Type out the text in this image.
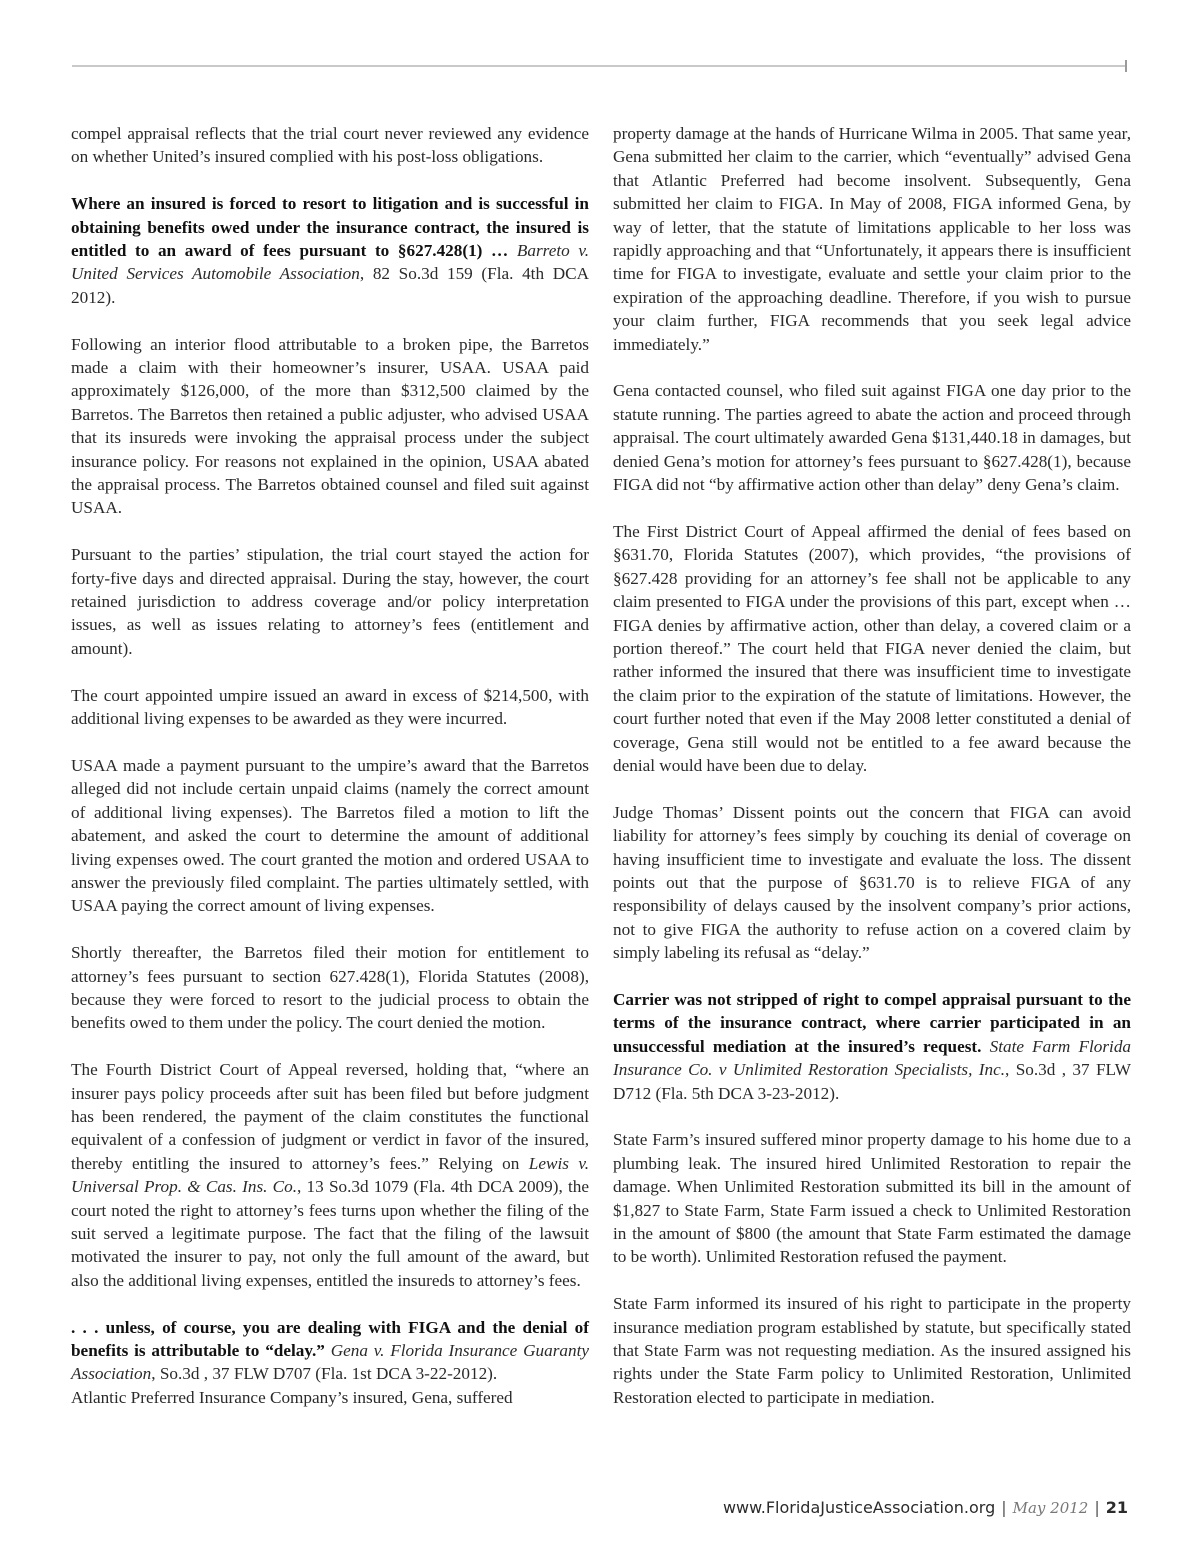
compel appraisal reflects that the trial court never reviewed any evidence on whether United’s insured complied with his post-loss obligations.

Where an insured is forced to resort to litigation and is successful in obtaining benefits owed under the insurance contract, the insured is entitled to an award of fees pursuant to §627.428(1) … Barreto v. United Services Automobile Association, 82 So.3d 159 (Fla. 4th DCA 2012).

Following an interior flood attributable to a broken pipe, the Barretos made a claim with their homeowner’s insurer, USAA. USAA paid approximately $126,000, of the more than $312,500 claimed by the Barretos. The Barretos then retained a public adjuster, who advised USAA that its insureds were invoking the appraisal process under the subject insurance policy. For reasons not explained in the opinion, USAA abated the appraisal process. The Barretos obtained counsel and filed suit against USAA.

Pursuant to the parties’ stipulation, the trial court stayed the action for forty-five days and directed appraisal. During the stay, however, the court retained jurisdiction to address coverage and/or policy interpretation issues, as well as issues relating to attorney’s fees (entitlement and amount).

The court appointed umpire issued an award in excess of $214,500, with additional living expenses to be awarded as they were incurred.

USAA made a payment pursuant to the umpire’s award that the Barretos alleged did not include certain unpaid claims (namely the correct amount of additional living expenses). The Barretos filed a motion to lift the abatement, and asked the court to determine the amount of additional living expenses owed. The court granted the motion and ordered USAA to answer the previously filed complaint. The parties ultimately settled, with USAA paying the correct amount of living expenses.

Shortly thereafter, the Barretos filed their motion for entitlement to attorney’s fees pursuant to section 627.428(1), Florida Statutes (2008), because they were forced to resort to the judicial process to obtain the benefits owed to them under the policy. The court denied the motion.

The Fourth District Court of Appeal reversed, holding that, “where an insurer pays policy proceeds after suit has been filed but before judgment has been rendered, the payment of the claim constitutes the functional equivalent of a confession of judgment or verdict in favor of the insured, thereby entitling the insured to attorney’s fees.” Relying on Lewis v. Universal Prop. & Cas. Ins. Co., 13 So.3d 1079 (Fla. 4th DCA 2009), the court noted the right to attorney’s fees turns upon whether the filing of the suit served a legitimate purpose. The fact that the filing of the lawsuit motivated the insurer to pay, not only the full amount of the award, but also the additional living expenses, entitled the insureds to attorney’s fees.

. . . unless, of course, you are dealing with FIGA and the denial of benefits is attributable to “delay.” Gena v. Florida Insurance Guaranty Association, So.3d , 37 FLW D707 (Fla. 1st DCA 3-22-2012).

Atlantic Preferred Insurance Company’s insured, Gena, suffered

property damage at the hands of Hurricane Wilma in 2005. That same year, Gena submitted her claim to the carrier, which “eventually” advised Gena that Atlantic Preferred had become insolvent. Subsequently, Gena submitted her claim to FIGA. In May of 2008, FIGA informed Gena, by way of letter, that the statute of limitations applicable to her loss was rapidly approaching and that “Unfortunately, it appears there is insufficient time for FIGA to investigate, evaluate and settle your claim prior to the expiration of the approaching deadline. Therefore, if you wish to pursue your claim further, FIGA recommends that you seek legal advice immediately.”

Gena contacted counsel, who filed suit against FIGA one day prior to the statute running. The parties agreed to abate the action and proceed through appraisal. The court ultimately awarded Gena $131,440.18 in damages, but denied Gena’s motion for attorney’s fees pursuant to §627.428(1), because FIGA did not “by affirmative action other than delay” deny Gena’s claim.

The First District Court of Appeal affirmed the denial of fees based on §631.70, Florida Statutes (2007), which provides, “the provisions of §627.428 providing for an attorney’s fee shall not be applicable to any claim presented to FIGA under the provisions of this part, except when … FIGA denies by affirmative action, other than delay, a covered claim or a portion thereof.” The court held that FIGA never denied the claim, but rather informed the insured that there was insufficient time to investigate the claim prior to the expiration of the statute of limitations. However, the court further noted that even if the May 2008 letter constituted a denial of coverage, Gena still would not be entitled to a fee award because the denial would have been due to delay.

Judge Thomas’ Dissent points out the concern that FIGA can avoid liability for attorney’s fees simply by couching its denial of coverage on having insufficient time to investigate and evaluate the loss. The dissent points out that the purpose of §631.70 is to relieve FIGA of any responsibility of delays caused by the insolvent company’s prior actions, not to give FIGA the authority to refuse action on a covered claim by simply labeling its refusal as “delay.”

Carrier was not stripped of right to compel appraisal pursuant to the terms of the insurance contract, where carrier participated in an unsuccessful mediation at the insured’s request. State Farm Florida Insurance Co. v Unlimited Restoration Specialists, Inc., So.3d , 37 FLW D712 (Fla. 5th DCA 3-23-2012).

State Farm’s insured suffered minor property damage to his home due to a plumbing leak. The insured hired Unlimited Restoration to repair the damage. When Unlimited Restoration submitted its bill in the amount of $1,827 to State Farm, State Farm issued a check to Unlimited Restoration in the amount of $800 (the amount that State Farm estimated the damage to be worth). Unlimited Restoration refused the payment.

State Farm informed its insured of his right to participate in the property insurance mediation program established by statute, but specifically stated that State Farm was not requesting mediation. As the insured assigned his rights under the State Farm policy to Unlimited Restoration, Unlimited Restoration elected to participate in mediation.

www.FloridaJusticeAssociation.org | May 2012 | 21
